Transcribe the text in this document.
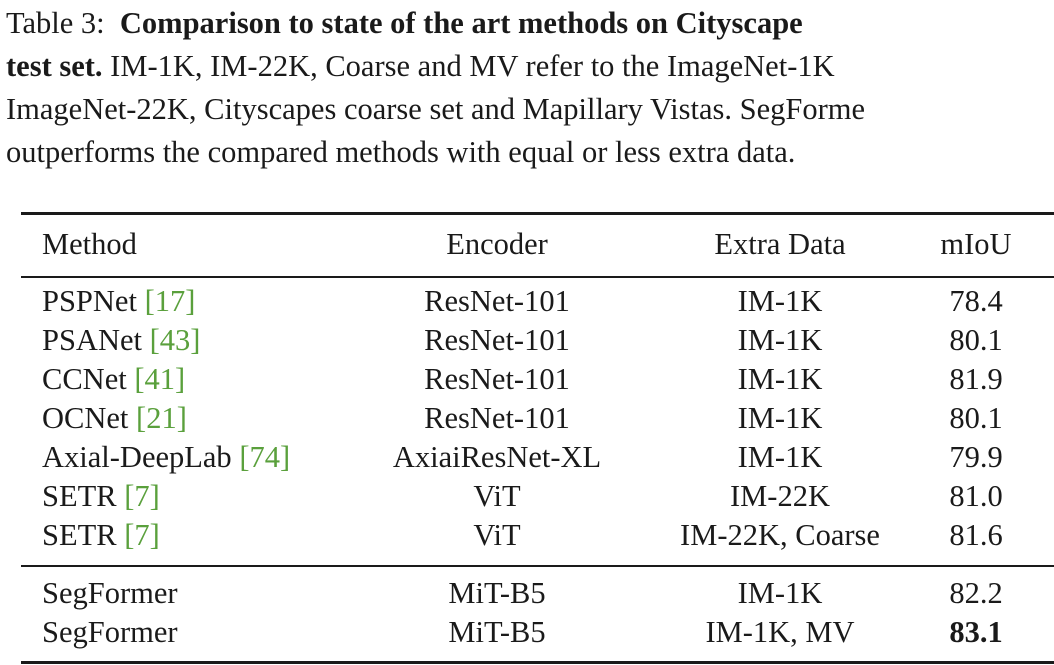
Table 3: Comparison to state of the art methods on Cityscape
test set. IM-1K, IM-22K, Coarse and MV refer to the ImageNet-1K
ImageNet-22K, Cityscapes coarse set and Mapillary Vistas. SegForme
outperforms the compared methods with equal or less extra data.
Method	Encoder	Extra Data	mIoU
PSPNet [17]	ResNet-101	IM-1K	78.4
PSANet [43]	ResNet-101	IM-1K	80.1
CCNet [41]	ResNet-101	IM-1K	81.9
OCNet [21]	ResNet-101	IM-1K	80.1
Axial-DeepLab [74]	AxiaiResNet-XL	IM-1K	79.9
SETR [7]	ViT	IM-22K	81.0
SETR [7]	ViT	IM-22K, Coarse	81.6
SegFormer	MiT-B5	IM-1K	82.2
SegFormer	MiT-B5	IM-1K, MV	83.1
